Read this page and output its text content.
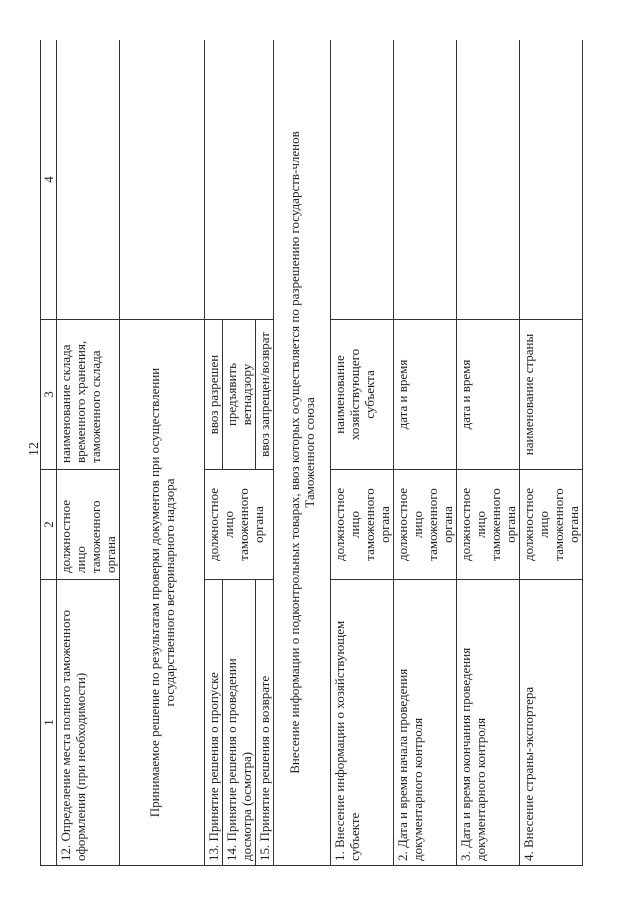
12
1	2	3	4

12. Определение места полного таможенного оформления (при необходимости)	должностное лицо таможенного органа	наименование склада временного хранения, таможенного склада	

Принимаемое решение по результатам проверки документов при осуществлении государственного ветеринарного надзора			

13. Принятие решения о пропуске	должностное лицо таможенного органа	ввоз разрешен	

14. Принятие решения о проведении досмотра (осмотра)		предъявить ветнадзору	

15. Принятие решения о возврате		ввоз запрещен/возврат	

Внесение информации о подконтрольных товарах, ввоз которых осуществляется по разрешению государств-членов Таможенного союза			

1. Внесение информации о хозяйствующем субъекте	должностное лицо таможенного органа	наименование хозяйствующего субъекта	

2. Дата и время начала проведения документарного контроля	должностное лицо таможенного органа	дата и время	

3. Дата и время окончания проведения документарного контроля	должностное лицо таможенного органа	дата и время	
4. Внесение страны-экспортера	должностное лицо таможенного органа	наименование страны	
